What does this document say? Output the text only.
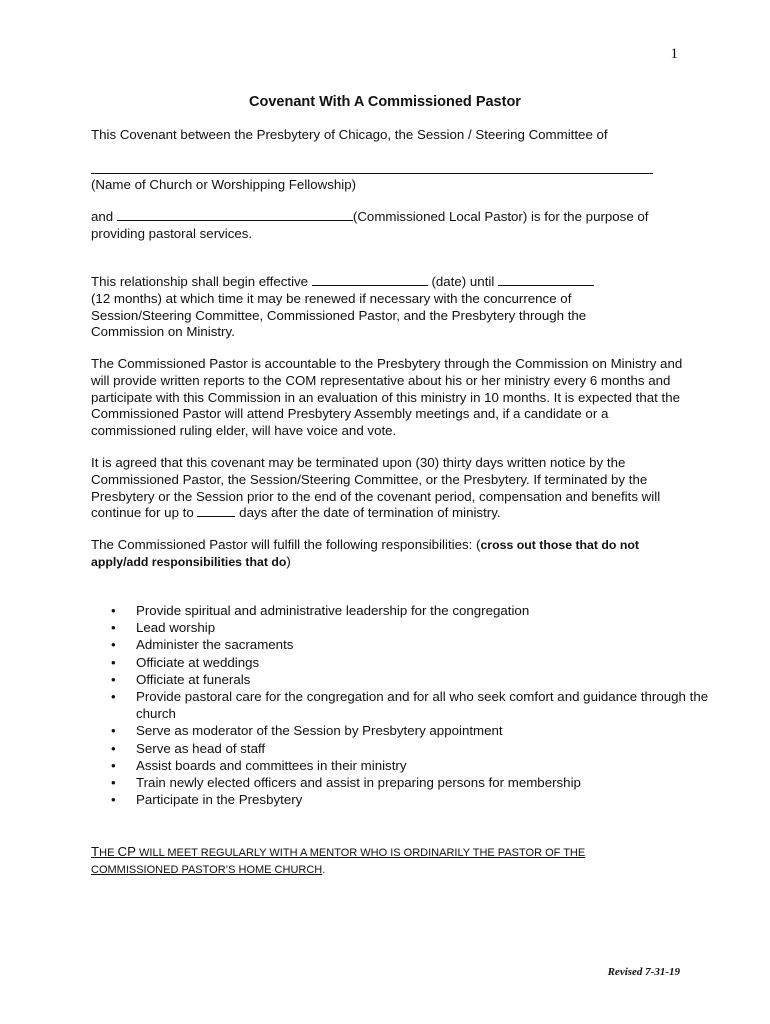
1
Covenant With A Commissioned Pastor

This Covenant between the Presbytery of Chicago, the Session / Steering Committee of

(Name of Church or Worshipping Fellowship)

and	(Commissioned Local Pastor) is for the purpose of
providing pastoral services.

This relationship shall begin effective	(date) until
(12 months) at which time it may be renewed if necessary with the concurrence of Session/Steering Committee, Commissioned Pastor, and the Presbytery through the Commission on Ministry.

The Commissioned Pastor is accountable to the Presbytery through the Commission on Ministry and will provide written reports to the COM representative about his or her ministry every 6 months and participate with this Commission in an evaluation of this ministry in 10 months. It is expected that the Commissioned Pastor will attend Presbytery Assembly meetings and, if a candidate or a commissioned ruling elder, will have voice and vote.

It is agreed that this covenant may be terminated upon (30) thirty days written notice by the Commissioned Pastor, the Session/Steering Committee, or the Presbytery. If terminated by the Presbytery or the Session prior to the end of the covenant period, compensation and benefits will continue for up to	days after the date of termination of ministry.

The Commissioned Pastor will fulfill the following responsibilities: (cross out those that do not apply/add responsibilities that do)

• Provide spiritual and administrative leadership for the congregation
• Lead worship
• Administer the sacraments
• Officiate at weddings
• Officiate at funerals
• Provide pastoral care for the congregation and for all who seek comfort and guidance through the church
• Serve as moderator of the Session by Presbytery appointment
• Serve as head of staff
• Assist boards and committees in their ministry
• Train newly elected officers and assist in preparing persons for membership
• Participate in the Presbytery

THE CP WILL MEET REGULARLY WITH A MENTOR WHO IS ORDINARILY THE PASTOR OF THE
COMMISSIONED PASTOR’S HOME CHURCH.

Revised 7-31-19
